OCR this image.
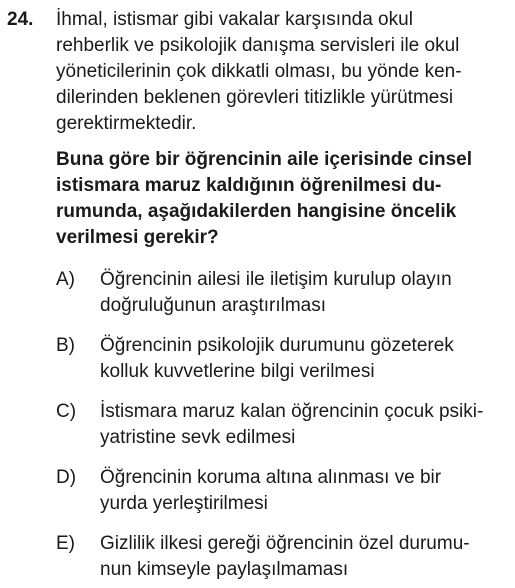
24. İhmal, istismar gibi vakalar karşısında okul
rehberlik ve psikolojik danışma servisleri ile okul
yöneticilerinin çok dikkatli olması, bu yönde ken-
dilerinden beklenen görevleri titizlikle yürütmesi
gerektirmektedir.
Buna göre bir öğrencinin aile içerisinde cinsel
istismara maruz kaldığının öğrenilmesi du-
rumunda, aşağıdakilerden hangisine öncelik
verilmesi gerekir?
A) Öğrencinin ailesi ile iletişim kurulup olayın
doğruluğunun araştırılması
B) Öğrencinin psikolojik durumunu gözeterek
kolluk kuvvetlerine bilgi verilmesi
C) İstismara maruz kalan öğrencinin çocuk psiki-
yatristine sevk edilmesi
D) Öğrencinin koruma altına alınması ve bir
yurda yerleştirilmesi
E) Gizlilik ilkesi gereği öğrencinin özel durumu-
nun kimseyle paylaşılmaması
